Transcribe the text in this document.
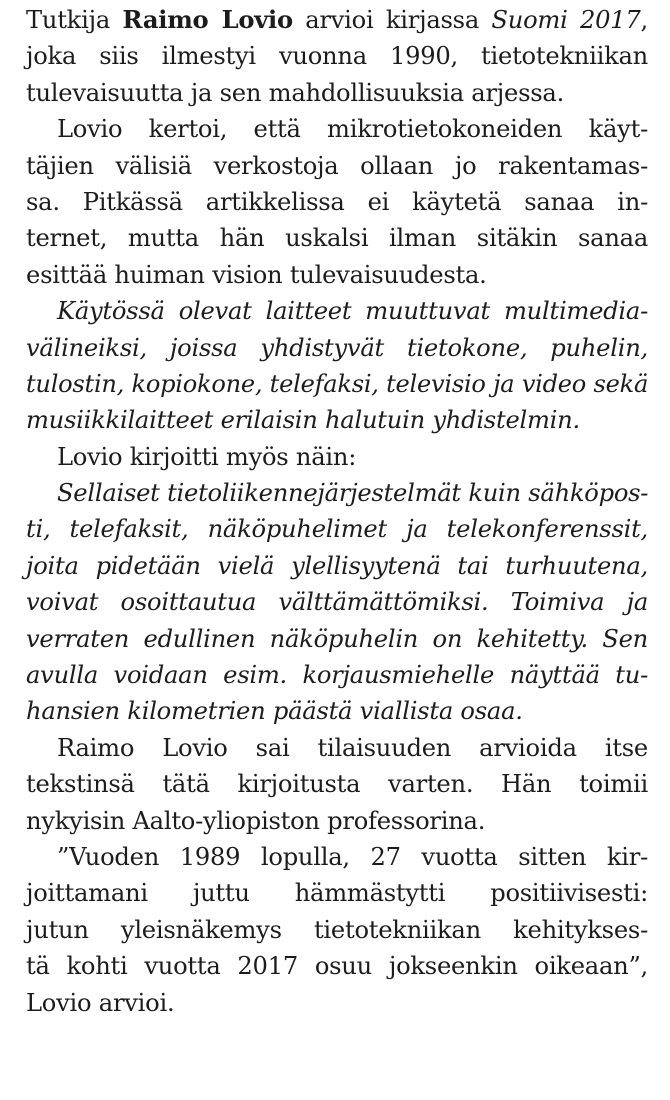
Tutkija Raimo Lovio arvioi kirjassa Suomi 2017,
joka siis ilmestyi vuonna 1990, tietotekniikan
tulevaisuutta ja sen mahdollisuuksia arjessa.
Lovio kertoi, että mikrotietokoneiden käyt-
täjien välisiä verkostoja ollaan jo rakentamas-
sa. Pitkässä artikkelissa ei käytetä sanaa in-
ternet, mutta hän uskalsi ilman sitäkin sanaa
esittää huiman vision tulevaisuudesta.
Käytössä olevat laitteet muuttuvat multimedia-
välineiksi, joissa yhdistyvät tietokone, puhelin,
tulostin, kopiokone, telefaksi, televisio ja video sekä
musiikkilaitteet erilaisin halutuin yhdistelmin.
Lovio kirjoitti myös näin:
Sellaiset tietoliikennejärjestelmät kuin sähköpos-
ti, telefaksit, näköpuhelimet ja telekonferenssit,
joita pidetään vielä ylellisyytenä tai turhuutena,
voivat osoittautua välttämättömiksi. Toimiva ja
verraten edullinen näköpuhelin on kehitetty. Sen
avulla voidaan esim. korjausmiehelle näyttää tu-
hansien kilometrien päästä viallista osaa.
Raimo Lovio sai tilaisuuden arvioida itse
tekstinsä tätä kirjoitusta varten. Hän toimii
nykyisin Aalto-yliopiston professorina.
”Vuoden 1989 lopulla, 27 vuotta sitten kir-
joittamani juttu hämmästytti positiivisesti:
jutun yleisnäkemys tietotekniikan kehitykses-
tä kohti vuotta 2017 osuu jokseenkin oikeaan”,
Lovio arvioi.
